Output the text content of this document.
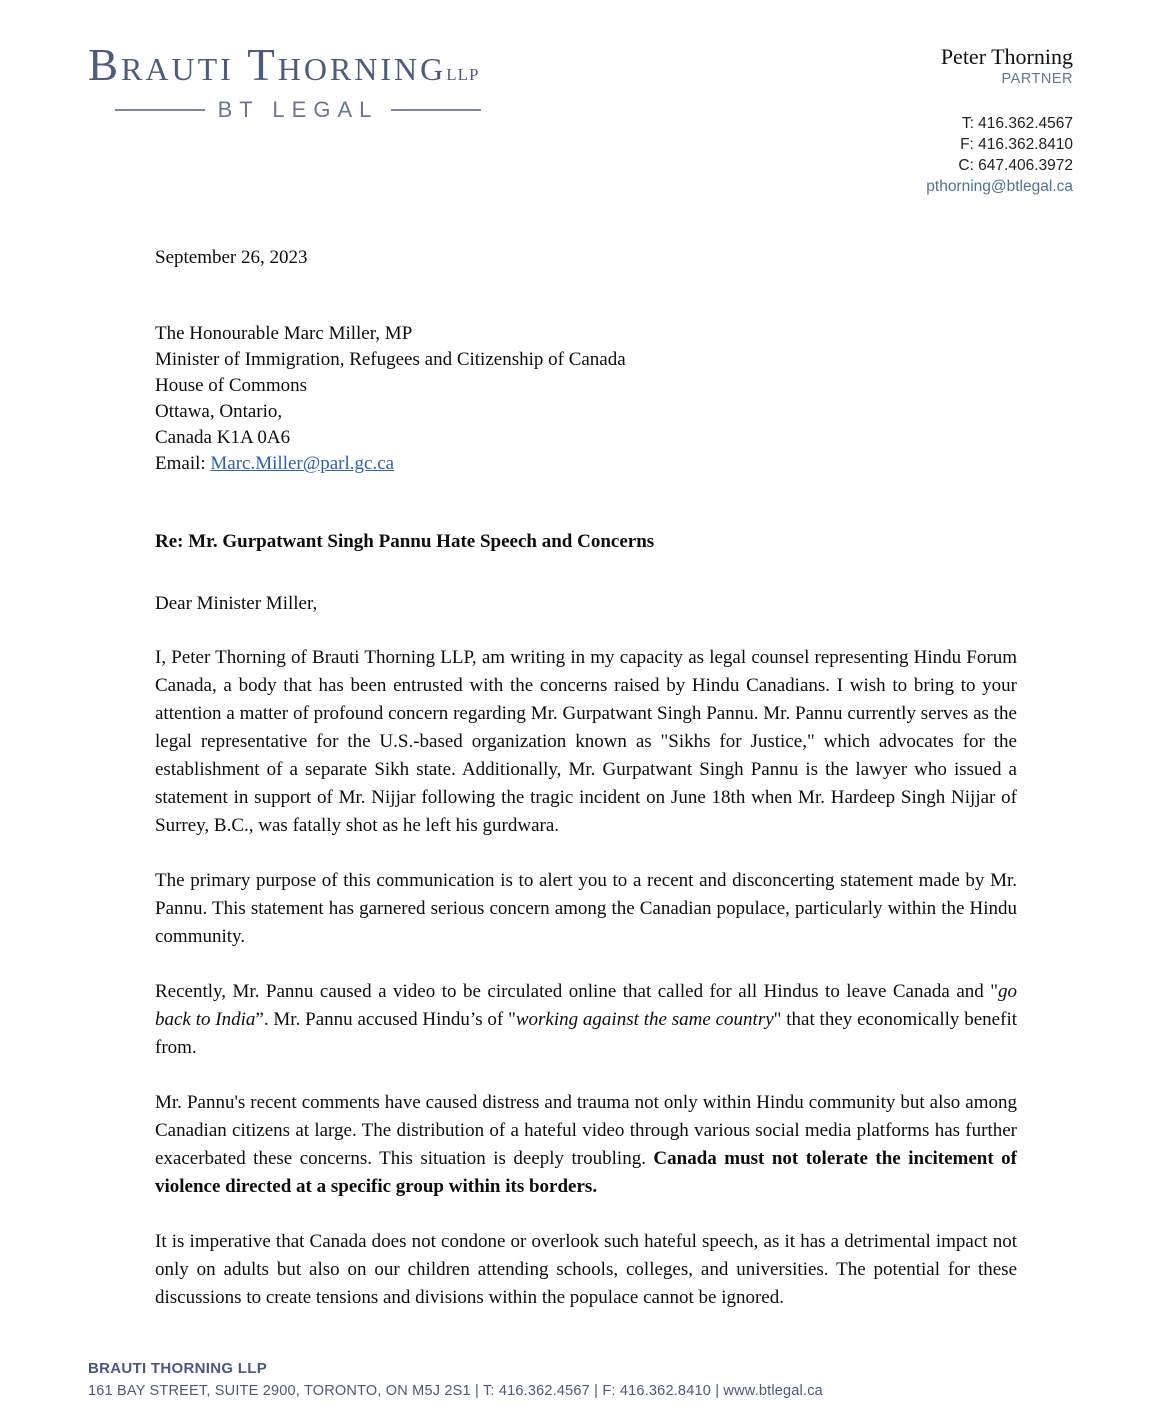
Brauti ThorningLLP
BT LEGAL
Peter Thorning
PARTNER
T: 416.362.4567
F: 416.362.8410
C: 647.406.3972
pthorning@btlegal.ca

September 26, 2023

The Honourable Marc Miller, MP
Minister of Immigration, Refugees and Citizenship of Canada
House of Commons
Ottawa, Ontario,
Canada K1A 0A6
Email: Marc.Miller@parl.gc.ca

Re: Mr. Gurpatwant Singh Pannu Hate Speech and Concerns

Dear Minister Miller,

I, Peter Thorning of Brauti Thorning LLP, am writing in my capacity as legal counsel representing Hindu Forum Canada, a body that has been entrusted with the concerns raised by Hindu Canadians. I wish to bring to your attention a matter of profound concern regarding Mr. Gurpatwant Singh Pannu. Mr. Pannu currently serves as the legal representative for the U.S.-based organization known as "Sikhs for Justice," which advocates for the establishment of a separate Sikh state. Additionally, Mr. Gurpatwant Singh Pannu is the lawyer who issued a statement in support of Mr. Nijjar following the tragic incident on June 18th when Mr. Hardeep Singh Nijjar of Surrey, B.C., was fatally shot as he left his gurdwara.

The primary purpose of this communication is to alert you to a recent and disconcerting statement made by Mr. Pannu. This statement has garnered serious concern among the Canadian populace, particularly within the Hindu community.

Recently, Mr. Pannu caused a video to be circulated online that called for all Hindus to leave Canada and "go back to India”. Mr. Pannu accused Hindu’s of "working against the same country" that they economically benefit from.

Mr. Pannu's recent comments have caused distress and trauma not only within Hindu community but also among Canadian citizens at large. The distribution of a hateful video through various social media platforms has further exacerbated these concerns. This situation is deeply troubling. Canada must not tolerate the incitement of violence directed at a specific group within its borders.

It is imperative that Canada does not condone or overlook such hateful speech, as it has a detrimental impact not only on adults but also on our children attending schools, colleges, and universities. The potential for these discussions to create tensions and divisions within the populace cannot be ignored.

BRAUTI THORNING LLP
161 BAY STREET, SUITE 2900, TORONTO, ON M5J 2S1 | T: 416.362.4567 | F: 416.362.8410 | www.btlegal.ca
